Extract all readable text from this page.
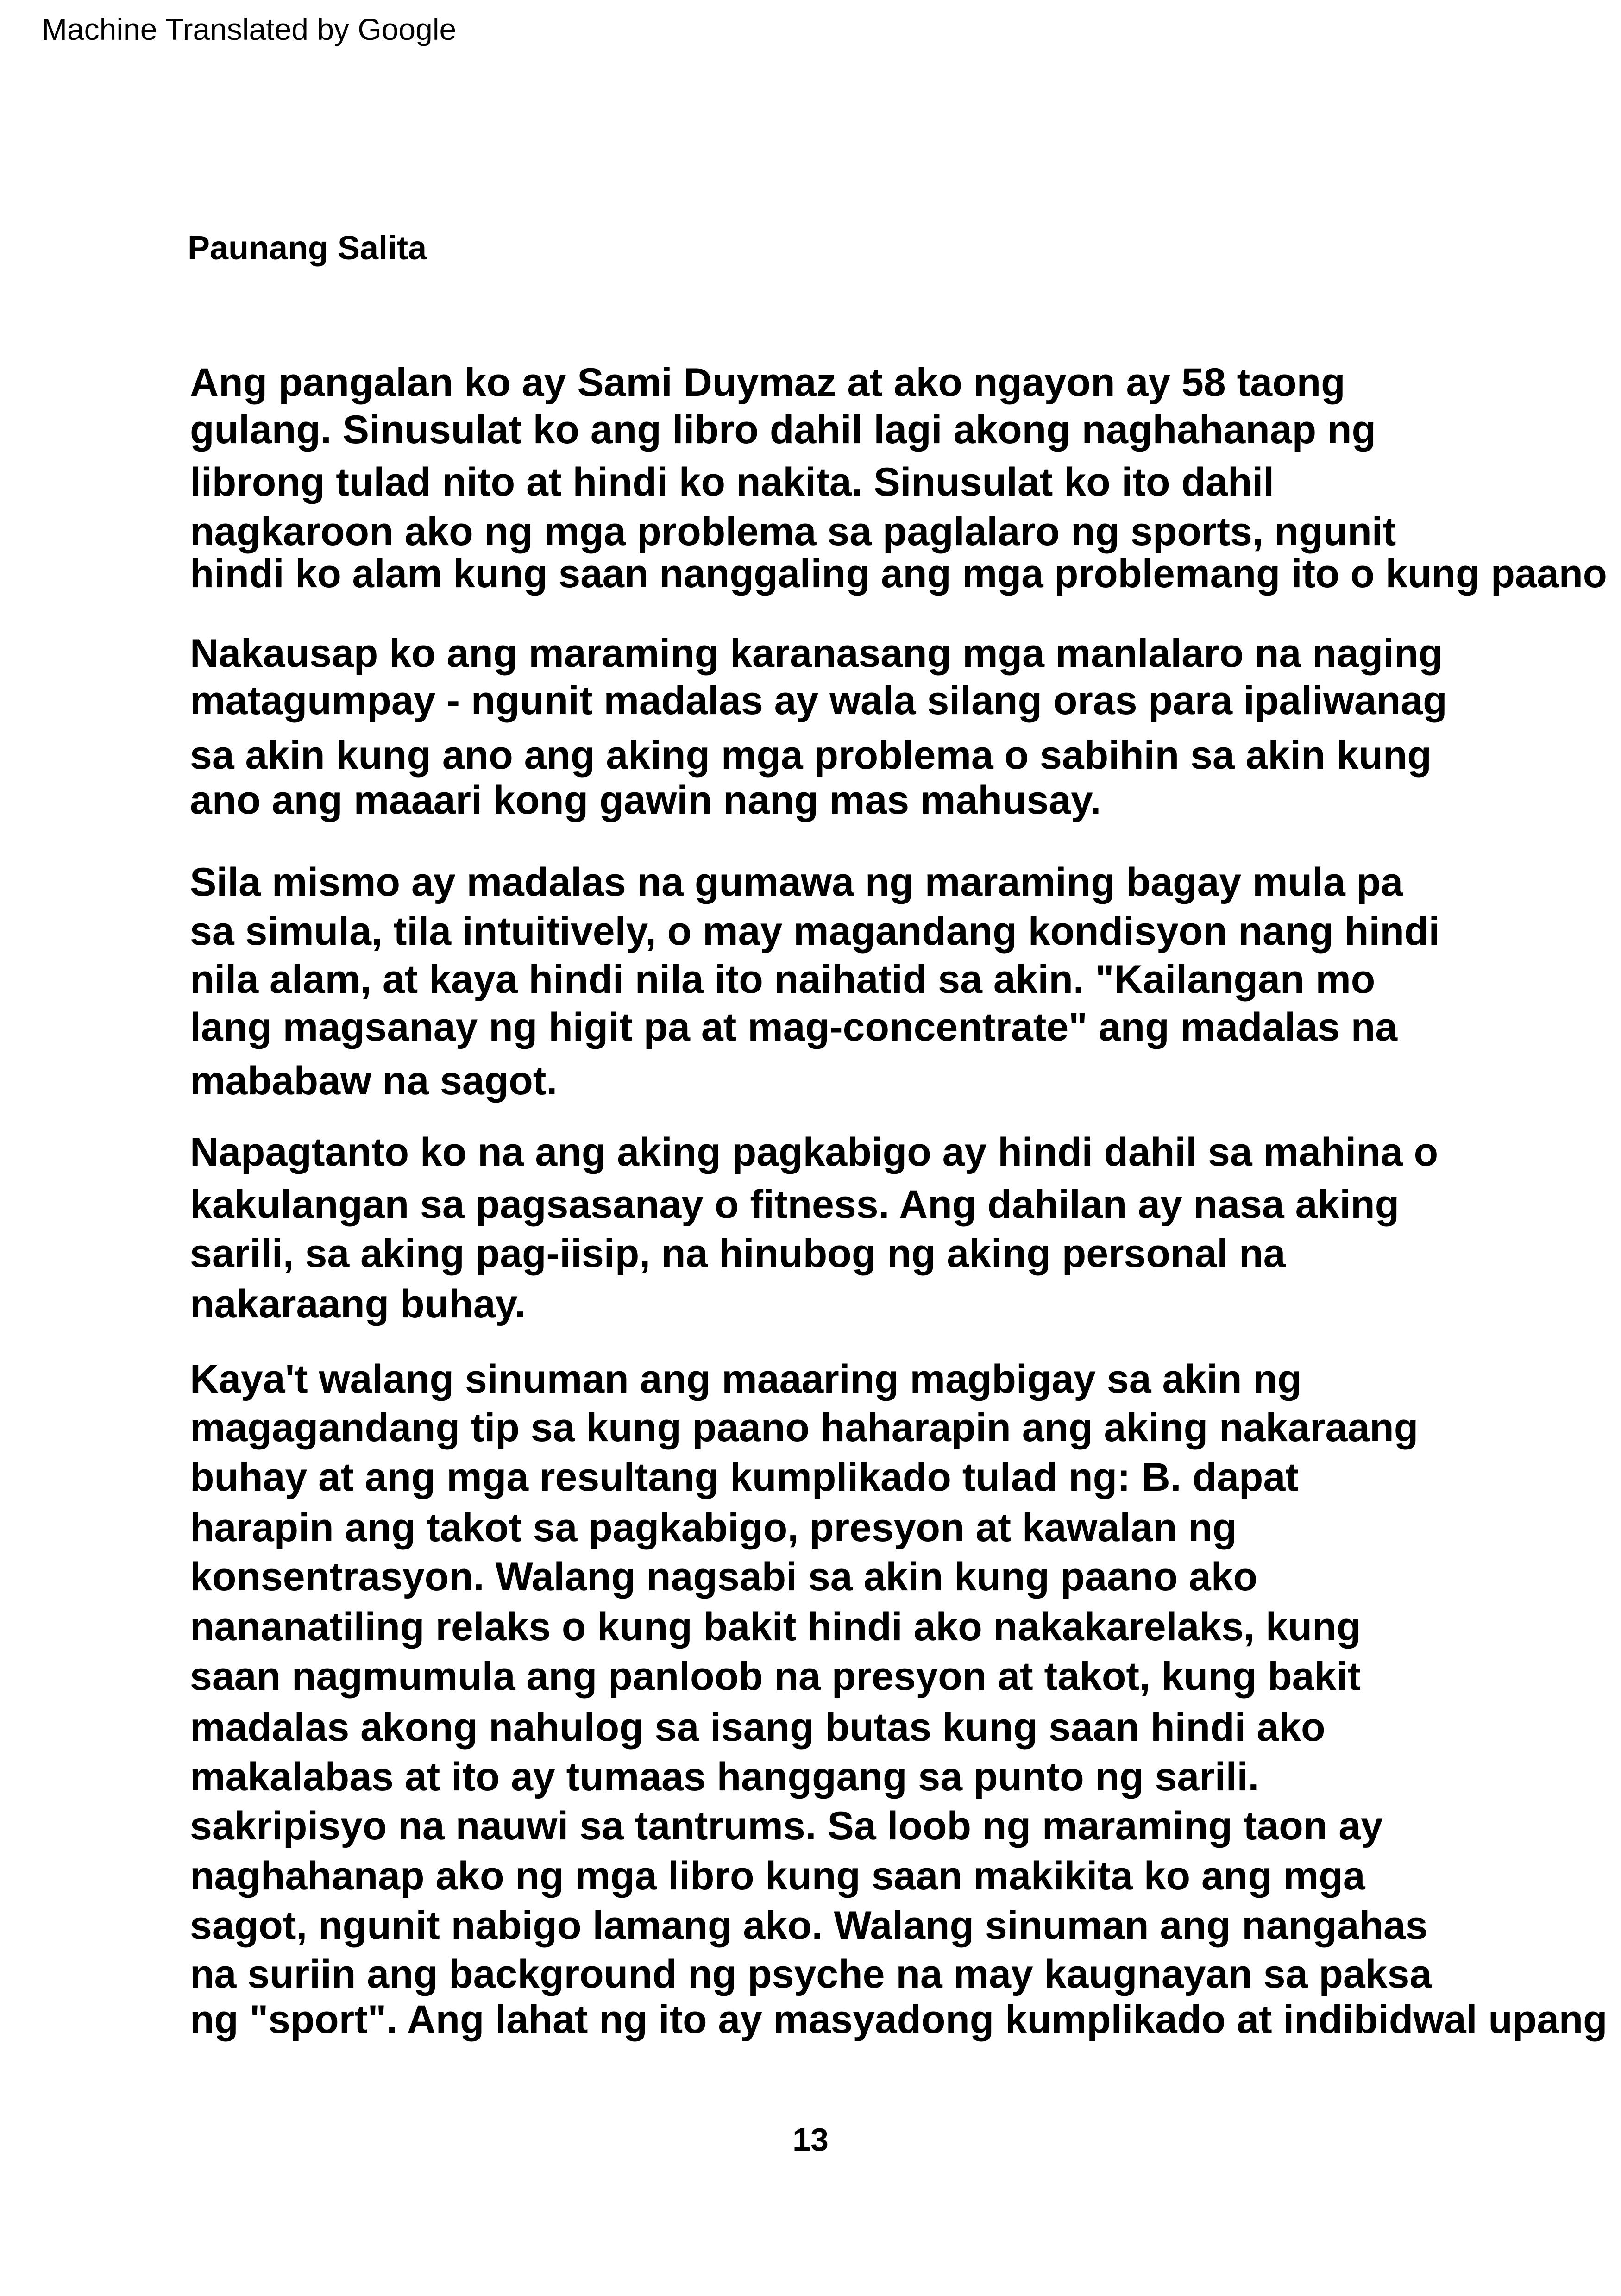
Machine Translated by Google
Paunang Salita
Ang pangalan ko ay Sami Duymaz at ako ngayon ay 58 taong
gulang. Sinusulat ko ang libro dahil lagi akong naghahanap ng
librong tulad nito at hindi ko nakita. Sinusulat ko ito dahil
nagkaroon ako ng mga problema sa paglalaro ng sports, ngunit
hindi ko alam kung saan nanggaling ang mga problemang ito o kung paano
Nakausap ko ang maraming karanasang mga manlalaro na naging
matagumpay - ngunit madalas ay wala silang oras para ipaliwanag
sa akin kung ano ang aking mga problema o sabihin sa akin kung
ano ang maaari kong gawin nang mas mahusay.
Sila mismo ay madalas na gumawa ng maraming bagay mula pa
sa simula, tila intuitively, o may magandang kondisyon nang hindi
nila alam, at kaya hindi nila ito naihatid sa akin. "Kailangan mo
lang magsanay ng higit pa at mag-concentrate" ang madalas na
mababaw na sagot.
Napagtanto ko na ang aking pagkabigo ay hindi dahil sa mahina o
kakulangan sa pagsasanay o fitness. Ang dahilan ay nasa aking
sarili, sa aking pag-iisip, na hinubog ng aking personal na
nakaraang buhay.
Kaya't walang sinuman ang maaaring magbigay sa akin ng
magagandang tip sa kung paano haharapin ang aking nakaraang
buhay at ang mga resultang kumplikado tulad ng: B. dapat
harapin ang takot sa pagkabigo, presyon at kawalan ng
konsentrasyon. Walang nagsabi sa akin kung paano ako
nananatiling relaks o kung bakit hindi ako nakakarelaks, kung
saan nagmumula ang panloob na presyon at takot, kung bakit
madalas akong nahulog sa isang butas kung saan hindi ako
makalabas at ito ay tumaas hanggang sa punto ng sarili.
sakripisyo na nauwi sa tantrums. Sa loob ng maraming taon ay
naghahanap ako ng mga libro kung saan makikita ko ang mga
sagot, ngunit nabigo lamang ako. Walang sinuman ang nangahas
na suriin ang background ng psyche na may kaugnayan sa paksa
ng "sport". Ang lahat ng ito ay masyadong kumplikado at indibidwal upang
13
